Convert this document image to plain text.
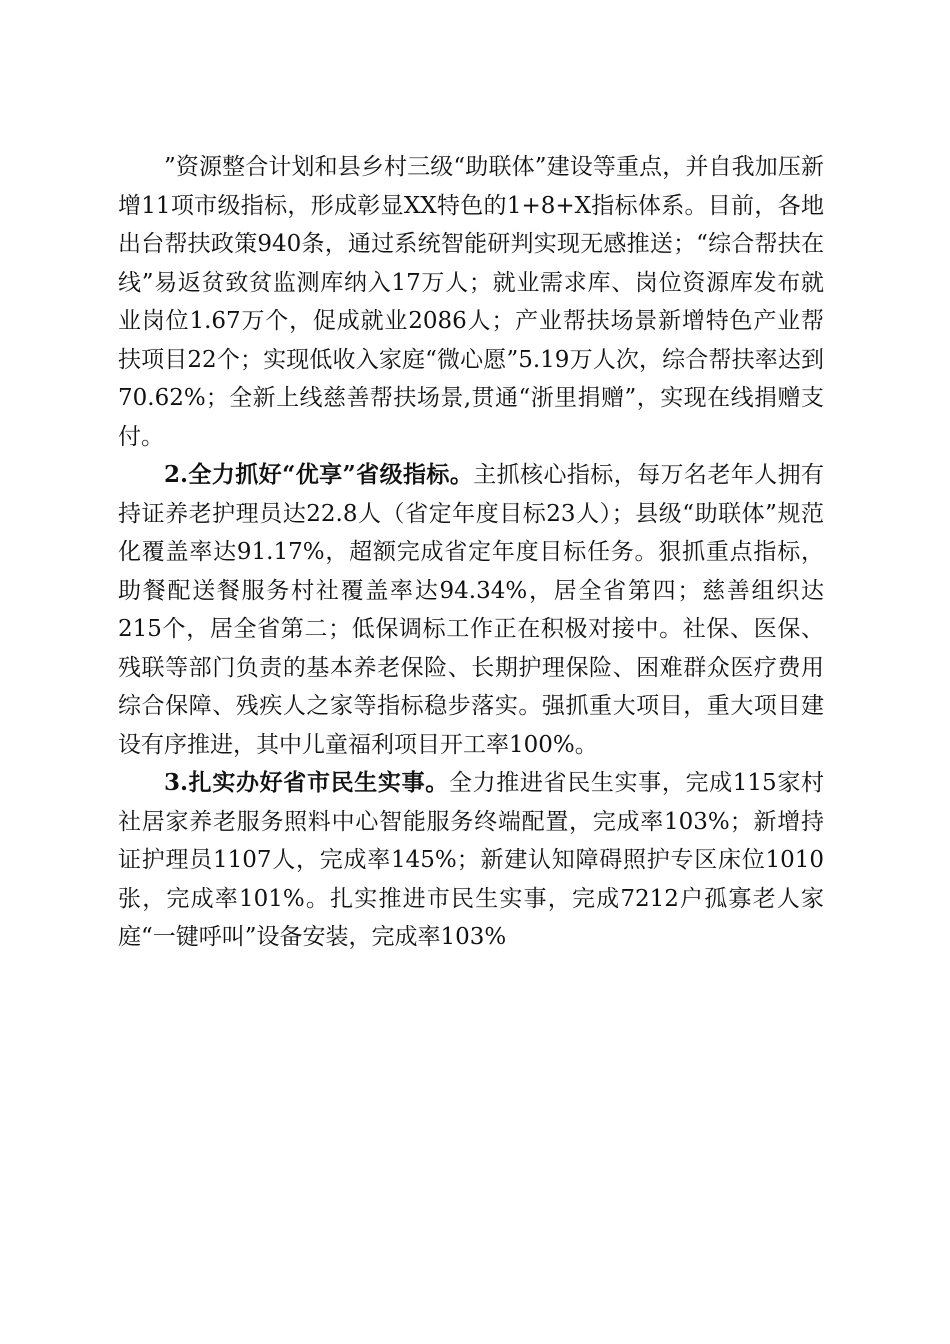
”资源整合计划和县乡村三级“助联体”建设等重点，并自我加压新增11项市级指标，形成彰显XX特色的1+8+X指标体系。目前，各地出台帮扶政策940条，通过系统智能研判实现无感推送；“综合帮扶在线”易返贫致贫监测库纳入17万人；就业需求库、岗位资源库发布就业岗位1.67万个，促成就业2086人；产业帮扶场景新增特色产业帮扶项目22个；实现低收入家庭“微心愿”5.19万人次，综合帮扶率达到70.62%；全新上线慈善帮扶场景,贯通“浙里捐赠”，实现在线捐赠支付。

2.全力抓好“优享”省级指标。主抓核心指标，每万名老年人拥有持证养老护理员达22.8人（省定年度目标23人）；县级“助联体”规范化覆盖率达91.17%，超额完成省定年度目标任务。狠抓重点指标，助餐配送餐服务村社覆盖率达94.34%，居全省第四；慈善组织达215个，居全省第二；低保调标工作正在积极对接中。社保、医保、残联等部门负责的基本养老保险、长期护理保险、困难群众医疗费用综合保障、残疾人之家等指标稳步落实。强抓重大项目，重大项目建设有序推进，其中儿童福利项目开工率100%。

3.扎实办好省市民生实事。全力推进省民生实事，完成115家村社居家养老服务照料中心智能服务终端配置，完成率103%；新增持证护理员1107人，完成率145%；新建认知障碍照护专区床位1010张，完成率101%。扎实推进市民生实事，完成7212户孤寡老人家庭“一键呼叫”设备安装，完成率103%
